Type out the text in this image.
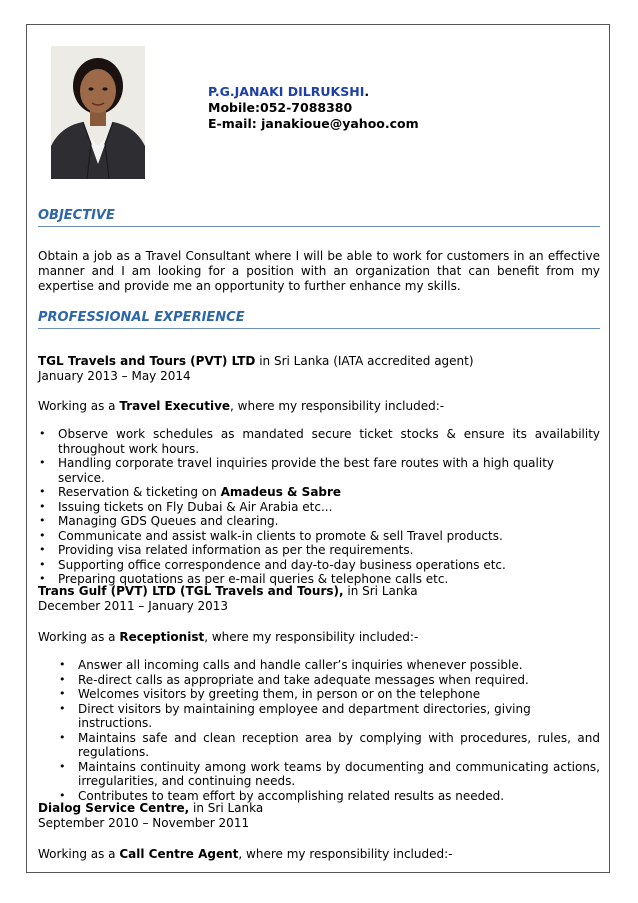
P.G.JANAKI DILRUKSHI.
Mobile:052-7088380
E-mail: janakioue@yahoo.com
OBJECTIVE
Obtain a job as a Travel Consultant where I will be able to work for customers in an effective
manner and I am looking for a position with an organization that can benefit from my
expertise and provide me an opportunity to further enhance my skills.
PROFESSIONAL EXPERIENCE
TGL Travels and Tours (PVT) LTD in Sri Lanka (IATA accredited agent)
January 2013 – May 2014
Working as a Travel Executive, where my responsibility included:-
• Observe work schedules as mandated secure ticket stocks & ensure its availability
throughout work hours.
• Handling corporate travel inquiries provide the best fare routes with a high quality service.
• Reservation & ticketing on Amadeus & Sabre
• Issuing tickets on Fly Dubai & Air Arabia etc...
• Managing GDS Queues and clearing.
• Communicate and assist walk-in clients to promote & sell Travel products.
• Providing visa related information as per the requirements.
• Supporting office correspondence and day-to-day business operations etc.
• Preparing quotations as per e-mail queries & telephone calls etc.
Trans Gulf (PVT) LTD (TGL Travels and Tours), in Sri Lanka
December 2011 – January 2013
Working as a Receptionist, where my responsibility included:-
• Answer all incoming calls and handle caller’s inquiries whenever possible.
• Re-direct calls as appropriate and take adequate messages when required.
• Welcomes visitors by greeting them, in person or on the telephone
• Direct visitors by maintaining employee and department directories, giving instructions.
• Maintains safe and clean reception area by complying with procedures, rules, and
regulations.
• Maintains continuity among work teams by documenting and communicating actions,
irregularities, and continuing needs.
• Contributes to team effort by accomplishing related results as needed.
Dialog Service Centre, in Sri Lanka
September 2010 – November 2011
Working as a Call Centre Agent, where my responsibility included:-
